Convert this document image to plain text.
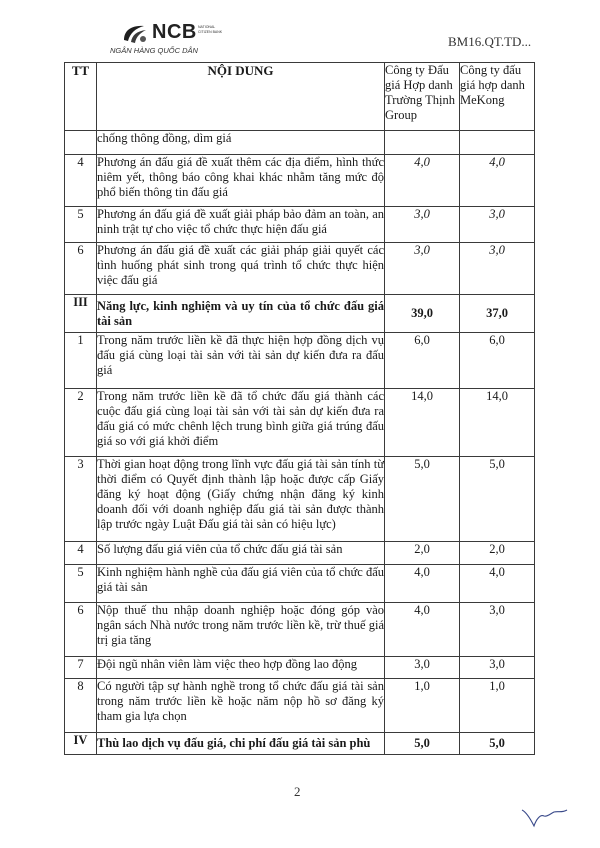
NCB NATIONAL CITIZEN BANK
NGÂN HÀNG QUỐC DÂN
BM16.QT.TD...
TT	NỘI DUNG	Công ty Đấu giá Hợp danh Trường Thịnh Group	Công ty đấu giá hợp danh MeKong
	chống thông đồng, dìm giá		
4	Phương án đấu giá đề xuất thêm các địa điểm, hình thức niêm yết, thông báo công khai khác nhằm tăng mức độ phổ biến thông tin đấu giá	4,0	4,0
5	Phương án đấu giá đề xuất giải pháp bảo đảm an toàn, an ninh trật tự cho việc tổ chức thực hiện đấu giá	3,0	3,0
6	Phương án đấu giá đề xuất các giải pháp giải quyết các tình huống phát sinh trong quá trình tổ chức thực hiện việc đấu giá	3,0	3,0
III	Năng lực, kinh nghiệm và uy tín của tổ chức đấu giá tài sản	39,0	37,0
1	Trong năm trước liền kề đã thực hiện hợp đồng dịch vụ đấu giá cùng loại tài sản với tài sản dự kiến đưa ra đấu giá	6,0	6,0
2	Trong năm trước liền kề đã tổ chức đấu giá thành các cuộc đấu giá cùng loại tài sản với tài sản dự kiến đưa ra đấu giá có mức chênh lệch trung bình giữa giá trúng đấu giá so với giá khởi điểm	14,0	14,0
3	Thời gian hoạt động trong lĩnh vực đấu giá tài sản tính từ thời điểm có Quyết định thành lập hoặc được cấp Giấy đăng ký hoạt động (Giấy chứng nhận đăng ký kinh doanh đối với doanh nghiệp đấu giá tài sản được thành lập trước ngày Luật Đấu giá tài sản có hiệu lực)	5,0	5,0
4	Số lượng đấu giá viên của tổ chức đấu giá tài sản	2,0	2,0
5	Kinh nghiệm hành nghề của đấu giá viên của tổ chức đấu giá tài sản	4,0	4,0
6	Nộp thuế thu nhập doanh nghiệp hoặc đóng góp vào ngân sách Nhà nước trong năm trước liền kề, trừ thuế giá trị gia tăng	4,0	3,0
7	Đội ngũ nhân viên làm việc theo hợp đồng lao động	3,0	3,0
8	Có người tập sự hành nghề trong tổ chức đấu giá tài sản trong năm trước liền kề hoặc năm nộp hồ sơ đăng ký tham gia lựa chọn	1,0	1,0
IV	Thù lao dịch vụ đấu giá, chi phí đấu giá tài sản phù	5,0	5,0
2
